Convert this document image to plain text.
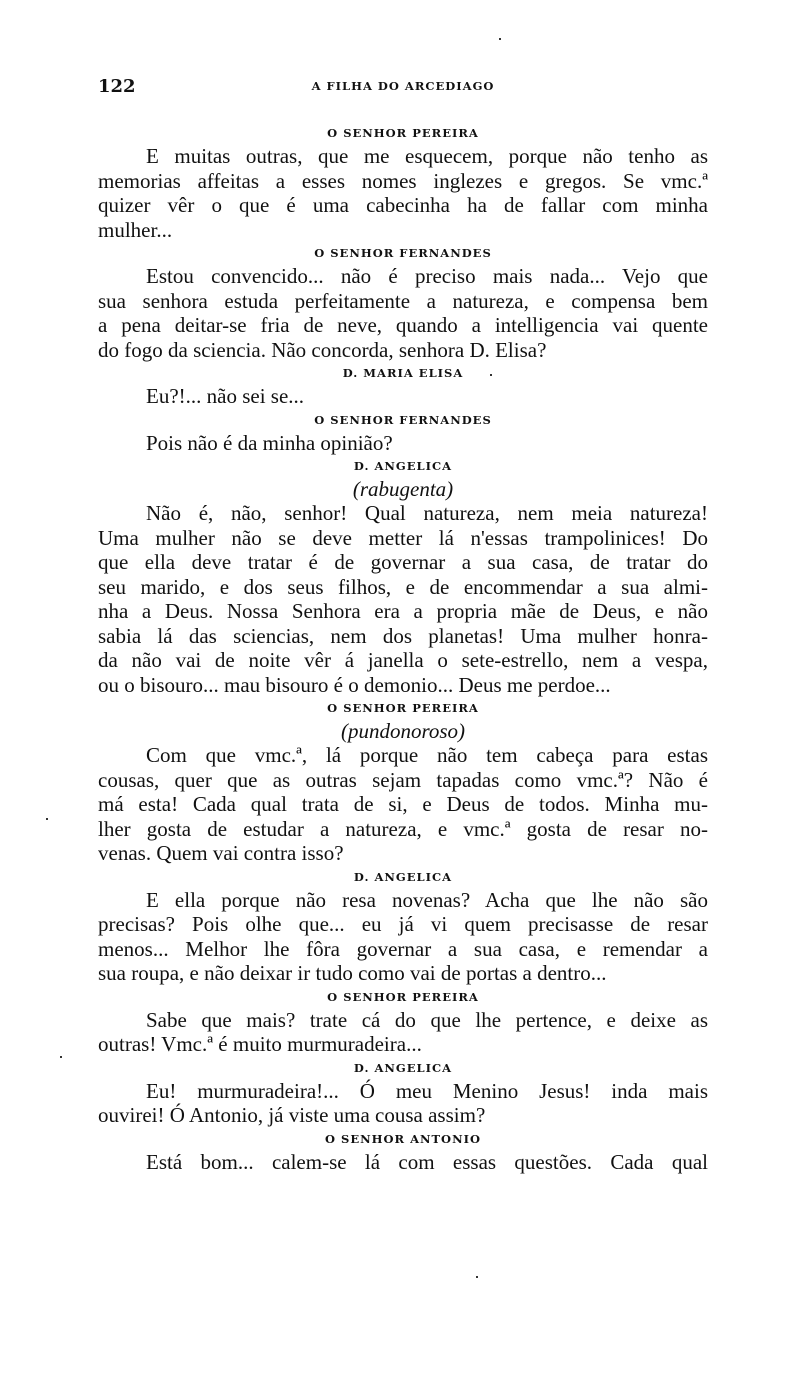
122	A FILHA DO ARCEDIAGO
O SENHOR PEREIRA
E muitas outras, que me esquecem, porque não tenho as
memorias affeitas a esses nomes inglezes e gregos. Se vmc.ª
quizer vêr o que é uma cabecinha ha de fallar com minha
mulher...
O SENHOR FERNANDES
Estou convencido... não é preciso mais nada... Vejo que
sua senhora estuda perfeitamente a natureza, e compensa bem
a pena deitar-se fria de neve, quando a intelligencia vai quente
do fogo da sciencia. Não concorda, senhora D. Elisa?
D. MARIA ELISA
Eu?!... não sei se...
O SENHOR FERNANDES
Pois não é da minha opinião?
D. ANGELICA
(rabugenta)
Não é, não, senhor! Qual natureza, nem meia natureza!
Uma mulher não se deve metter lá n'essas trampolinices! Do
que ella deve tratar é de governar a sua casa, de tratar do
seu marido, e dos seus filhos, e de encommendar a sua almi-
nha a Deus. Nossa Senhora era a propria mãe de Deus, e não
sabia lá das sciencias, nem dos planetas! Uma mulher honra-
da não vai de noite vêr á janella o sete-estrello, nem a vespa,
ou o bisouro... mau bisouro é o demonio... Deus me perdoe...
O SENHOR PEREIRA
(pundonoroso)
Com que vmc.ª, lá porque não tem cabeça para estas
cousas, quer que as outras sejam tapadas como vmc.ª? Não é
má esta! Cada qual trata de si, e Deus de todos. Minha mu-
lher gosta de estudar a natureza, e vmc.ª gosta de resar no-
venas. Quem vai contra isso?
D. ANGELICA
E ella porque não resa novenas? Acha que lhe não são
precisas? Pois olhe que... eu já vi quem precisasse de resar
menos... Melhor lhe fôra governar a sua casa, e remendar a
sua roupa, e não deixar ir tudo como vai de portas a dentro...
O SENHOR PEREIRA
Sabe que mais? trate cá do que lhe pertence, e deixe as
outras! Vmc.ª é muito murmuradeira...
D. ANGELICA
Eu! murmuradeira!... Ó meu Menino Jesus! inda mais
ouvirei! Ó Antonio, já viste uma cousa assim?
O SENHOR ANTONIO
Está bom... calem-se lá com essas questões. Cada qual
